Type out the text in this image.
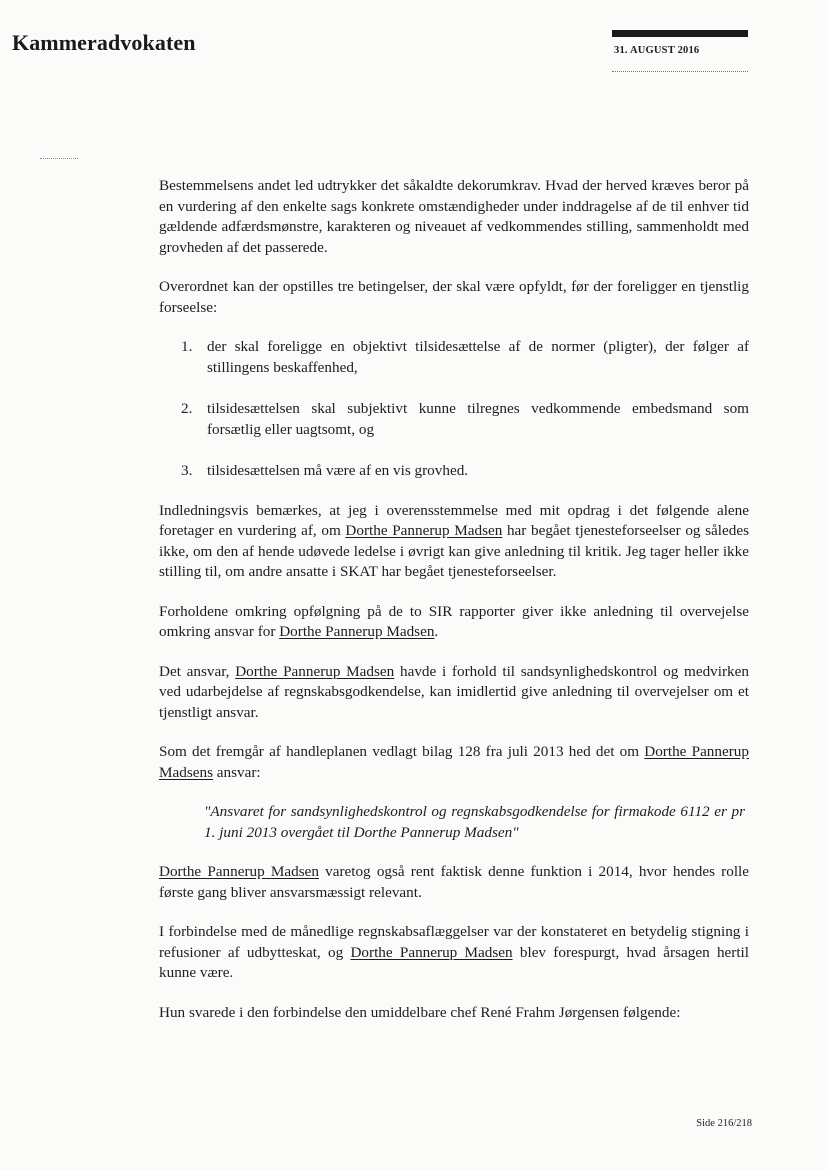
Kammeradvokaten	31. AUGUST 2016

Bestemmelsens andet led udtrykker det såkaldte dekorumkrav. Hvad der herved kræves beror på en vurdering af den enkelte sags konkrete omstændigheder under inddragelse af de til enhver tid gældende adfærdsmønstre, karakteren og niveauet af vedkommendes stilling, sammenholdt med grovheden af det passerede.

Overordnet kan der opstilles tre betingelser, der skal være opfyldt, før der foreligger en tjenstlig forseelse:

1. der skal foreligge en objektivt tilsidesættelse af de normer (pligter), der følger af stillingens beskaffenhed,
2. tilsidesættelsen skal subjektivt kunne tilregnes vedkommende embedsmand som forsætlig eller uagtsomt, og
3. tilsidesættelsen må være af en vis grovhed.

Indledningsvis bemærkes, at jeg i overensstemmelse med mit opdrag i det følgende alene foretager en vurdering af, om Dorthe Pannerup Madsen har begået tjenesteforseelser og således ikke, om den af hende udøvede ledelse i øvrigt kan give anledning til kritik. Jeg tager heller ikke stilling til, om andre ansatte i SKAT har begået tjenesteforseelser.

Forholdene omkring opfølgning på de to SIR rapporter giver ikke anledning til overvejelse omkring ansvar for Dorthe Pannerup Madsen.

Det ansvar, Dorthe Pannerup Madsen havde i forhold til sandsynlighedskontrol og medvirken ved udarbejdelse af regnskabsgodkendelse, kan imidlertid give anledning til overvejelser om et tjenstligt ansvar.

Som det fremgår af handleplanen vedlagt bilag 128 fra juli 2013 hed det om Dorthe Pannerup Madsens ansvar:

"Ansvaret for sandsynlighedskontrol og regnskabsgodkendelse for firmakode 6112 er pr 1. juni 2013 overgået til Dorthe Pannerup Madsen"

Dorthe Pannerup Madsen varetog også rent faktisk denne funktion i 2014, hvor hendes rolle første gang bliver ansvarsmæssigt relevant.

I forbindelse med de månedlige regnskabsaflæggelser var der konstateret en betydelig stigning i refusioner af udbytteskat, og Dorthe Pannerup Madsen blev forespurgt, hvad årsagen hertil kunne være.

Hun svarede i den forbindelse den umiddelbare chef René Frahm Jørgensen følgende:

Side 216/218
